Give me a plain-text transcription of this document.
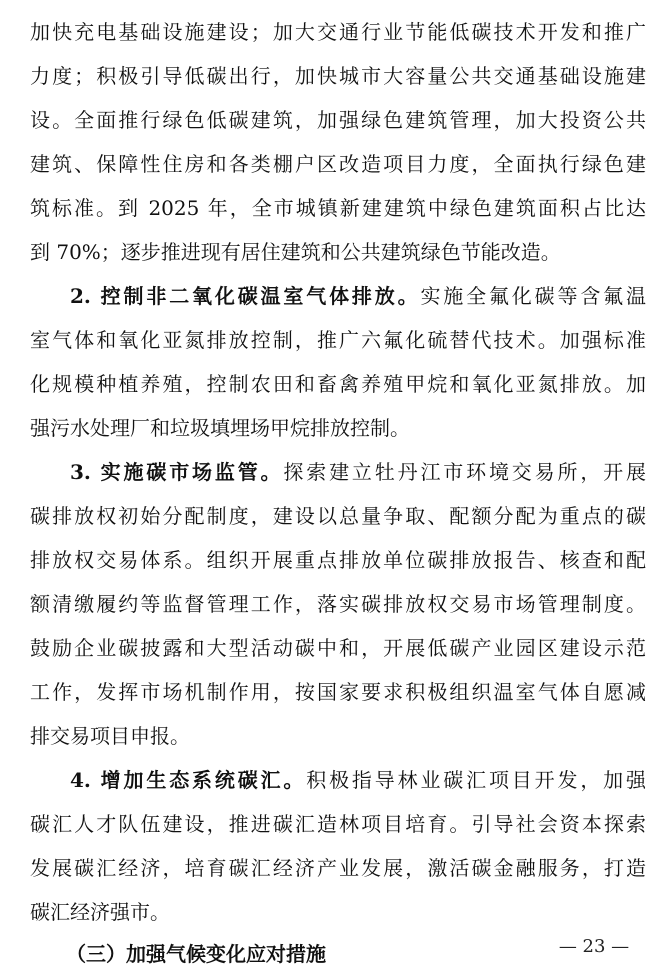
加快充电基础设施建设；加大交通行业节能低碳技术开发和推广
力度；积极引导低碳出行，加快城市大容量公共交通基础设施建
设。全面推行绿色低碳建筑，加强绿色建筑管理，加大投资公共
建筑、保障性住房和各类棚户区改造项目力度，全面执行绿色建
筑标准。到 2025 年，全市城镇新建建筑中绿色建筑面积占比达
到 70%；逐步推进现有居住建筑和公共建筑绿色节能改造。
2. 控制非二氧化碳温室气体排放。实施全氟化碳等含氟温
室气体和氧化亚氮排放控制，推广六氟化硫替代技术。加强标准
化规模种植养殖，控制农田和畜禽养殖甲烷和氧化亚氮排放。加
强污水处理厂和垃圾填埋场甲烷排放控制。
3. 实施碳市场监管。探索建立牡丹江市环境交易所，开展
碳排放权初始分配制度，建设以总量争取、配额分配为重点的碳
排放权交易体系。组织开展重点排放单位碳排放报告、核查和配
额清缴履约等监督管理工作，落实碳排放权交易市场管理制度。
鼓励企业碳披露和大型活动碳中和，开展低碳产业园区建设示范
工作，发挥市场机制作用，按国家要求积极组织温室气体自愿减
排交易项目申报。
4. 增加生态系统碳汇。积极指导林业碳汇项目开发，加强
碳汇人才队伍建设，推进碳汇造林项目培育。引导社会资本探索
发展碳汇经济，培育碳汇经济产业发展，激活碳金融服务，打造
碳汇经济强市。
（三）加强气候变化应对措施	— 23 —
